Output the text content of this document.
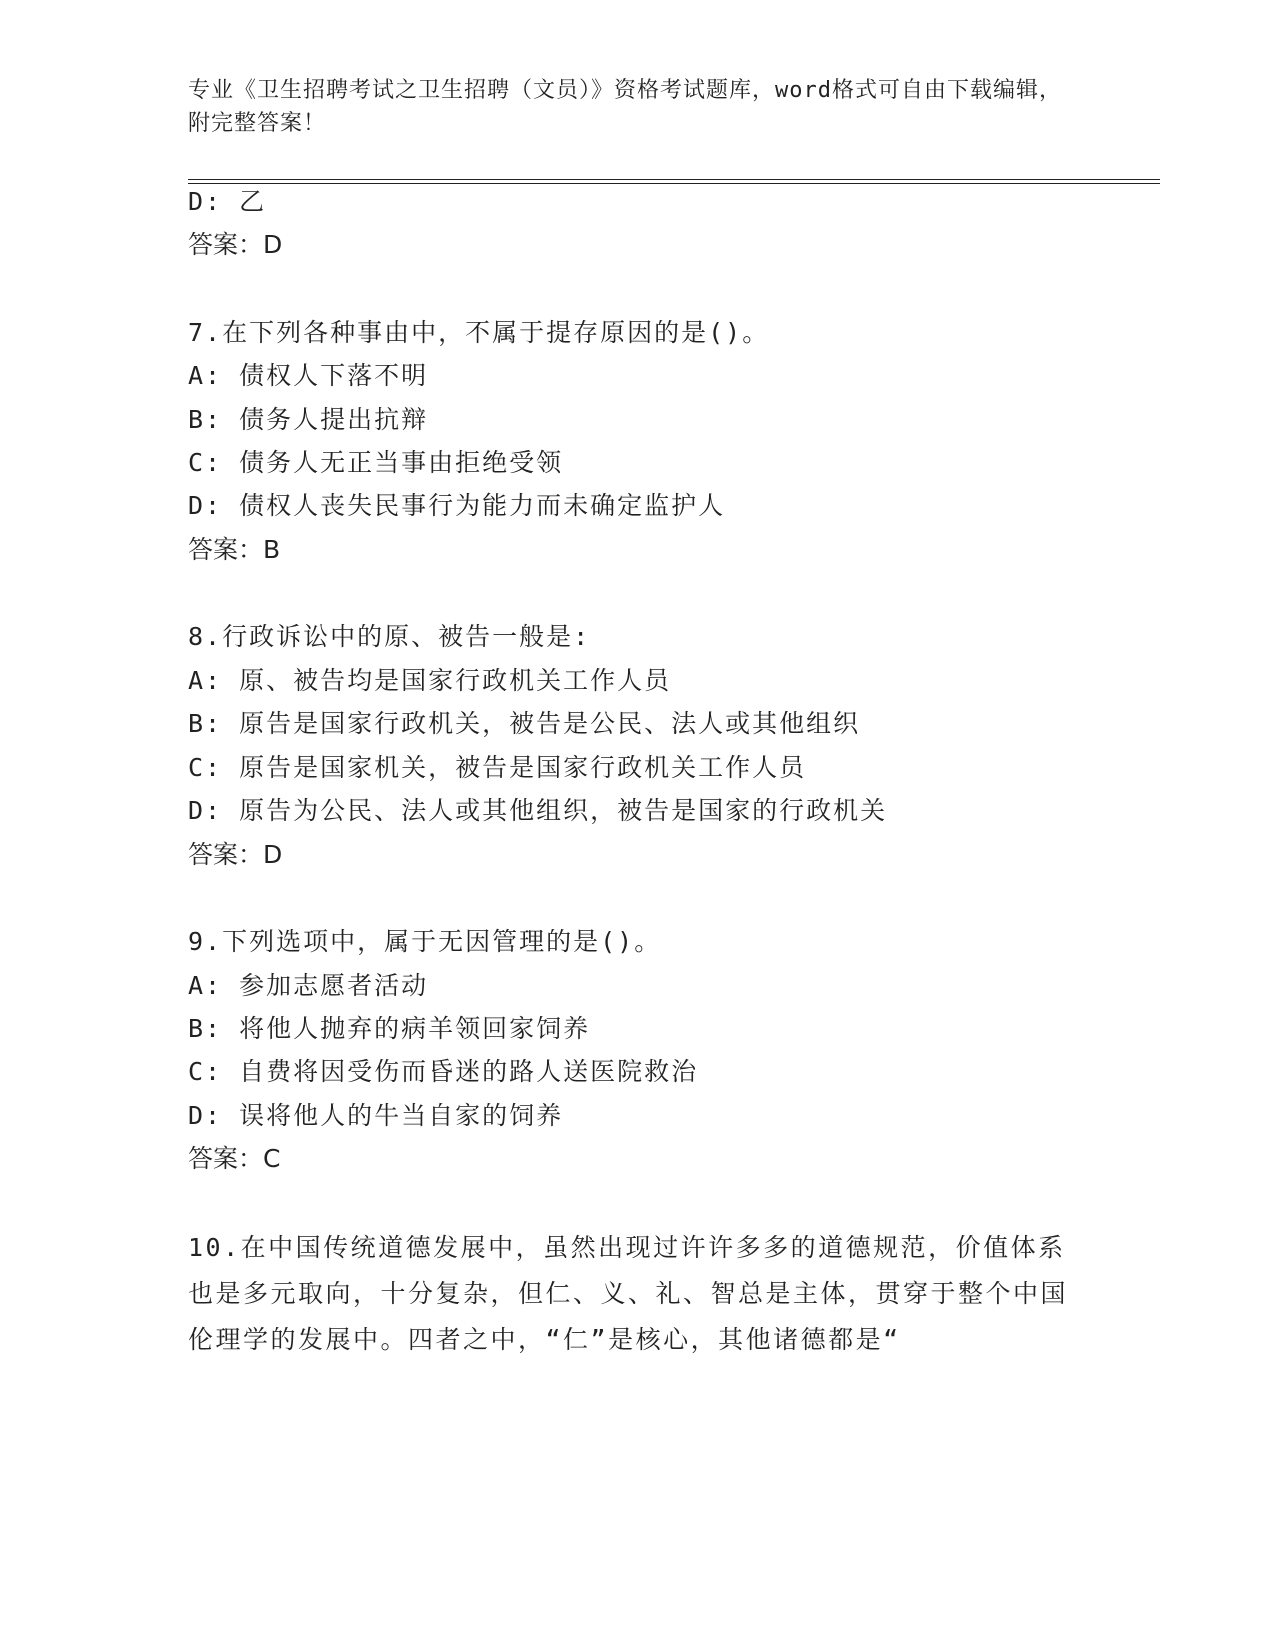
专业《卫生招聘考试之卫生招聘（文员）》资格考试题库，word格式可自由下载编辑，附完整答案！
D: 乙
答案：D
7.在下列各种事由中，不属于提存原因的是()。
A: 债权人下落不明
B: 债务人提出抗辩
C: 债务人无正当事由拒绝受领
D: 债权人丧失民事行为能力而未确定监护人
答案：B
8.行政诉讼中的原、被告一般是:
A: 原、被告均是国家行政机关工作人员
B: 原告是国家行政机关，被告是公民、法人或其他组织
C: 原告是国家机关，被告是国家行政机关工作人员
D: 原告为公民、法人或其他组织，被告是国家的行政机关
答案：D
9.下列选项中，属于无因管理的是()。
A: 参加志愿者活动
B: 将他人抛弃的病羊领回家饲养
C: 自费将因受伤而昏迷的路人送医院救治
D: 误将他人的牛当自家的饲养
答案：C
10.在中国传统道德发展中，虽然出现过许许多多的道德规范，价值体系也是多元取向，十分复杂，但仁、义、礼、智总是主体，贯穿于整个中国伦理学的发展中。四者之中，“仁”是核心，其他诸德都是“
